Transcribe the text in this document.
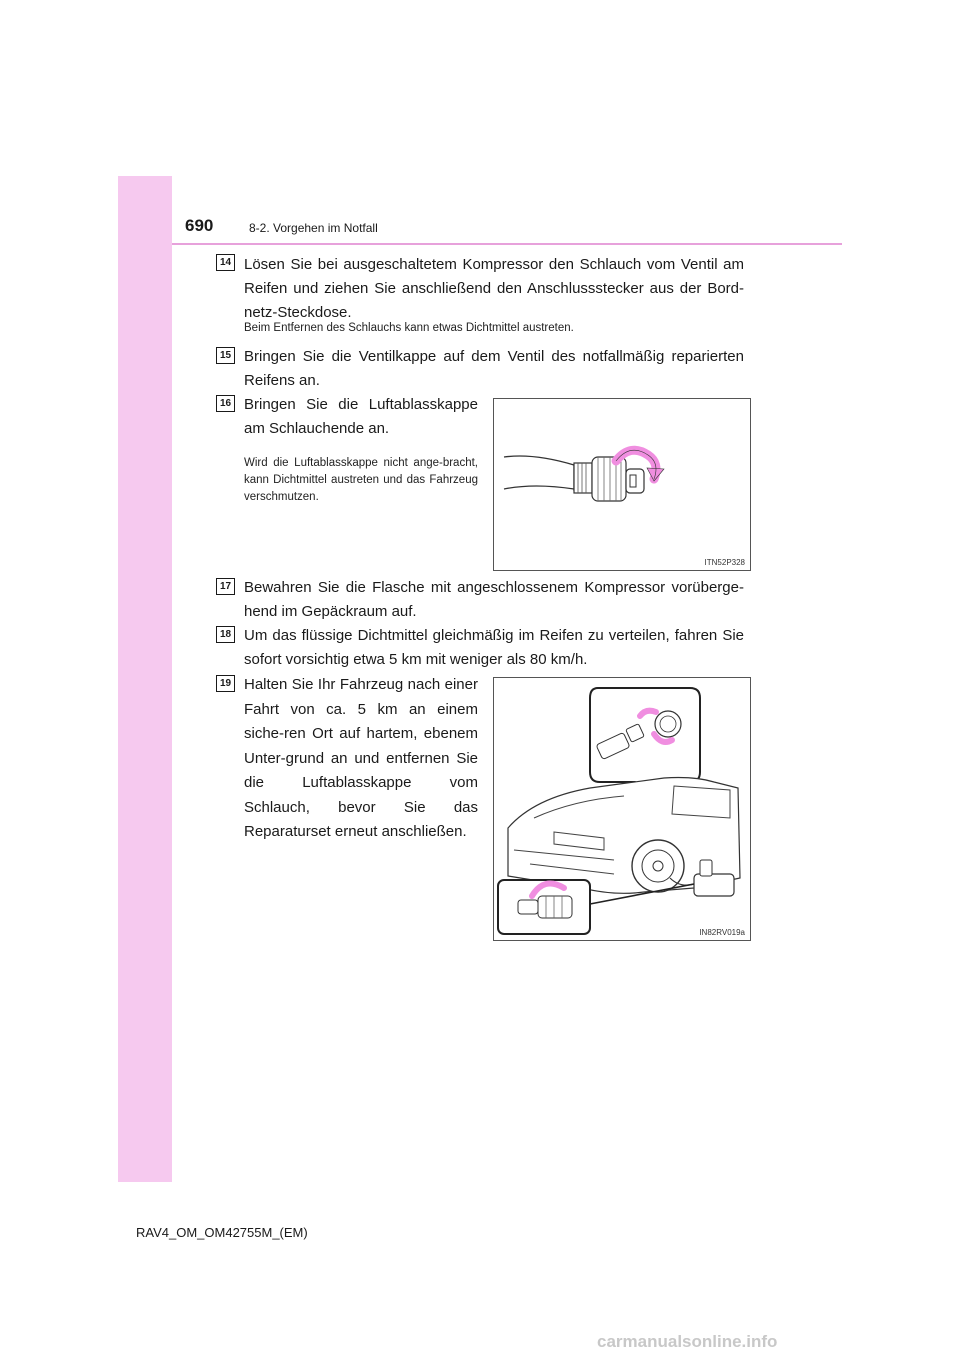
690	8-2. Vorgehen im Notfall
14 Lösen Sie bei ausgeschaltetem Kompressor den Schlauch vom Ventil am Reifen und ziehen Sie anschließend den Anschlussstecker aus der Bord-netz-Steckdose.

Beim Entfernen des Schlauchs kann etwas Dichtmittel austreten.

15 Bringen Sie die Ventilkappe auf dem Ventil des notfallmäßig reparierten Reifens an.

16 Bringen Sie die Luftablasskappe am Schlauchende an.

Wird die Luftablasskappe nicht ange-bracht, kann Dichtmittel austreten und das Fahrzeug verschmutzen.

ITN52P328
17 Bewahren Sie die Flasche mit angeschlossenem Kompressor vorüberge-hend im Gepäckraum auf.

18 Um das flüssige Dichtmittel gleichmäßig im Reifen zu verteilen, fahren Sie sofort vorsichtig etwa 5 km mit weniger als 80 km/h.

19 Halten Sie Ihr Fahrzeug nach einer Fahrt von ca. 5 km an einem siche-ren Ort auf hartem, ebenem Unter-grund an und entfernen Sie die Luftablasskappe vom Schlauch, bevor Sie das Reparaturset erneut anschließen.

IN82RV019a
RAV4_OM_OM42755M_(EM)
carmanualsonline.info
